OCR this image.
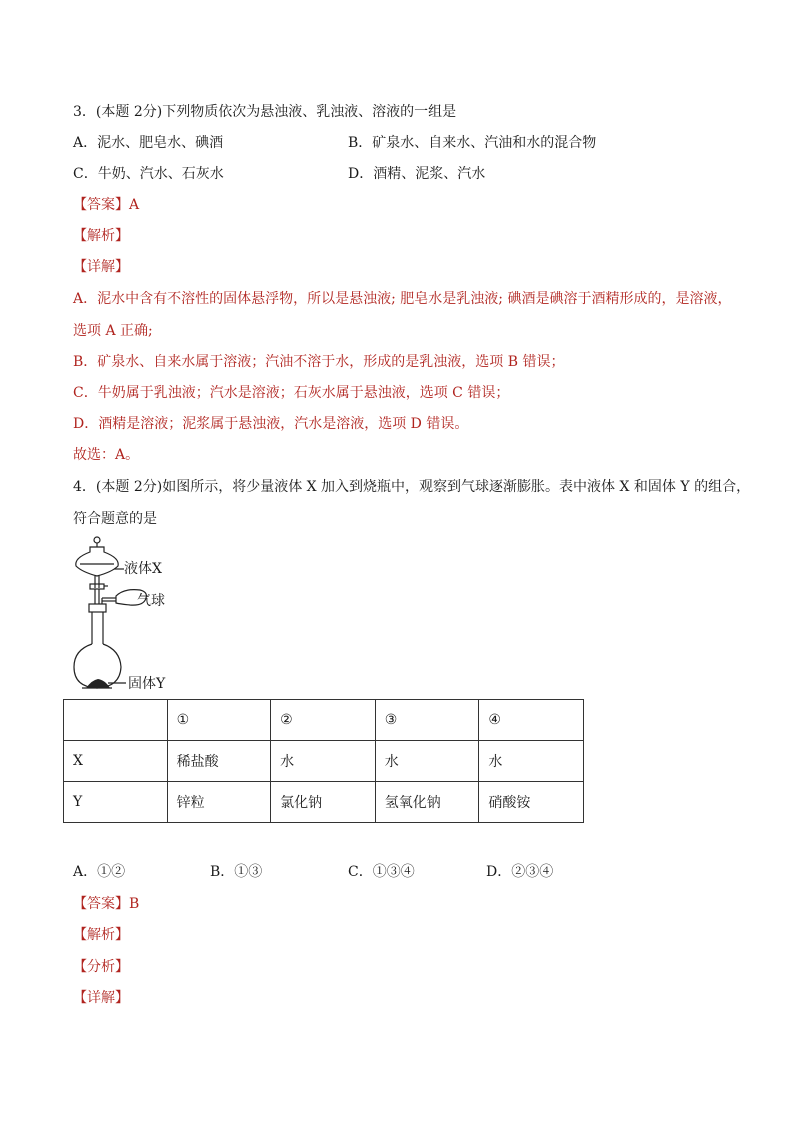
3．(本题 2分)下列物质依次为悬浊液、乳浊液、溶液的一组是
A．泥水、肥皂水、碘酒	B．矿泉水、自来水、汽油和水的混合物
C．牛奶、汽水、石灰水	D．酒精、泥浆、汽水
【答案】A
【解析】
【详解】
A．泥水中含有不溶性的固体悬浮物，所以是悬浊液; 肥皂水是乳浊液; 碘酒是碘溶于酒精形成的，是溶液，
选项 A 正确;
B．矿泉水、自来水属于溶液；汽油不溶于水，形成的是乳浊液，选项 B 错误；
C．牛奶属于乳浊液；汽水是溶液；石灰水属于悬浊液，选项 C 错误；
D．酒精是溶液；泥浆属于悬浊液，汽水是溶液，选项 D 错误。
故选：A。
4．(本题 2分)如图所示，将少量液体 X 加入到烧瓶中，观察到气球逐渐膨胀。表中液体 X 和固体 Y 的组合，
符合题意的是
液体X
气球
固体Y
	①	②	③	④
X	稀盐酸	水	水	水
Y	锌粒	氯化钠	氢氧化钠	硝酸铵
A．①②	B．①③	C．①③④	D．②③④
【答案】B
【解析】
【分析】
【详解】
